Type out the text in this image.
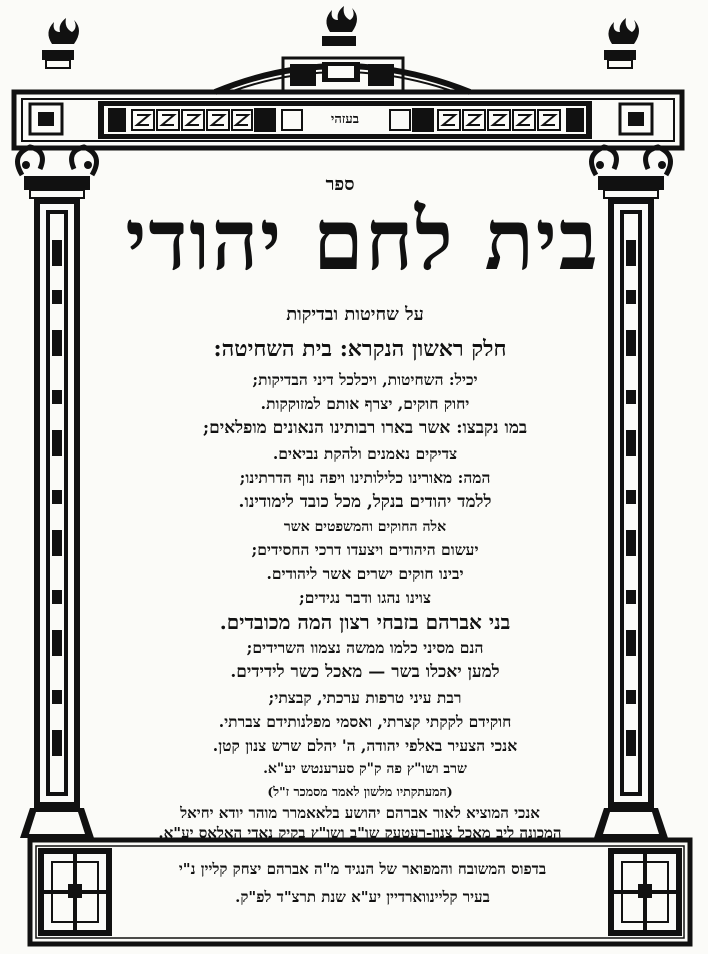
בעזהי
ספר
בית לחם יהודי
על שחיטות ובדיקות
חלק ראשון הנקרא: בית השחיטה:
יכיל: השחיטות, ויכלכל דיני הבדיקות;
יחוק חוקים, יצרף אותם למזוקקות.
במו נקבצו: אשר בארו רבותינו הנאונים מופלאים;
צדיקים נאמנים ולהקת נביאים.
המה: מאורינו כלילותינו ויפה נוף הדרתינו;
ללמד יהודים בנקל, מכל כובד לימודינו.
אלה החוקים והמשפטים אשר
יעשום היהודים ויצעדו דרכי החסידים;
יבינו חוקים ישרים אשר ליהודים.
צוינו נהגו ודבר נגידים;
בני אברהם בזבחי רצון המה מכובדים.
הנם מסיני כלמו ממשה נצמוו השרידים;
למען יאכלו בשר — מאכל כשר לידידים.
רבת עיני טרפות ערכתי, קבצתי;
חוקידם לקקתי קצרתי, ואסמי מפלנותידם צברתי.
אנכי הצעיר באלפי יהודה, ה' יהלם שרש צנון קטן.
שרב ושו"ץ פה ק"ק סערענטש יע"א.
(המעתקתיו מלשון לאמר מסמכר ז"ל)
אנכי המוציא לאור אברהם יהושע בלאאמרר מוהר יודא יחיאל
המכונה ליב מאכל צנון-רעטעק שו"ב ושו"ץ בקיק נאדי האלאס יע"א.
בדפוס המשובח והמפואר של הנגיד מ"ה אברהם יצחק קליין נ"י
בעיר קליינווארדיין יע"א שנת תרצ"ד לפ"ק.
